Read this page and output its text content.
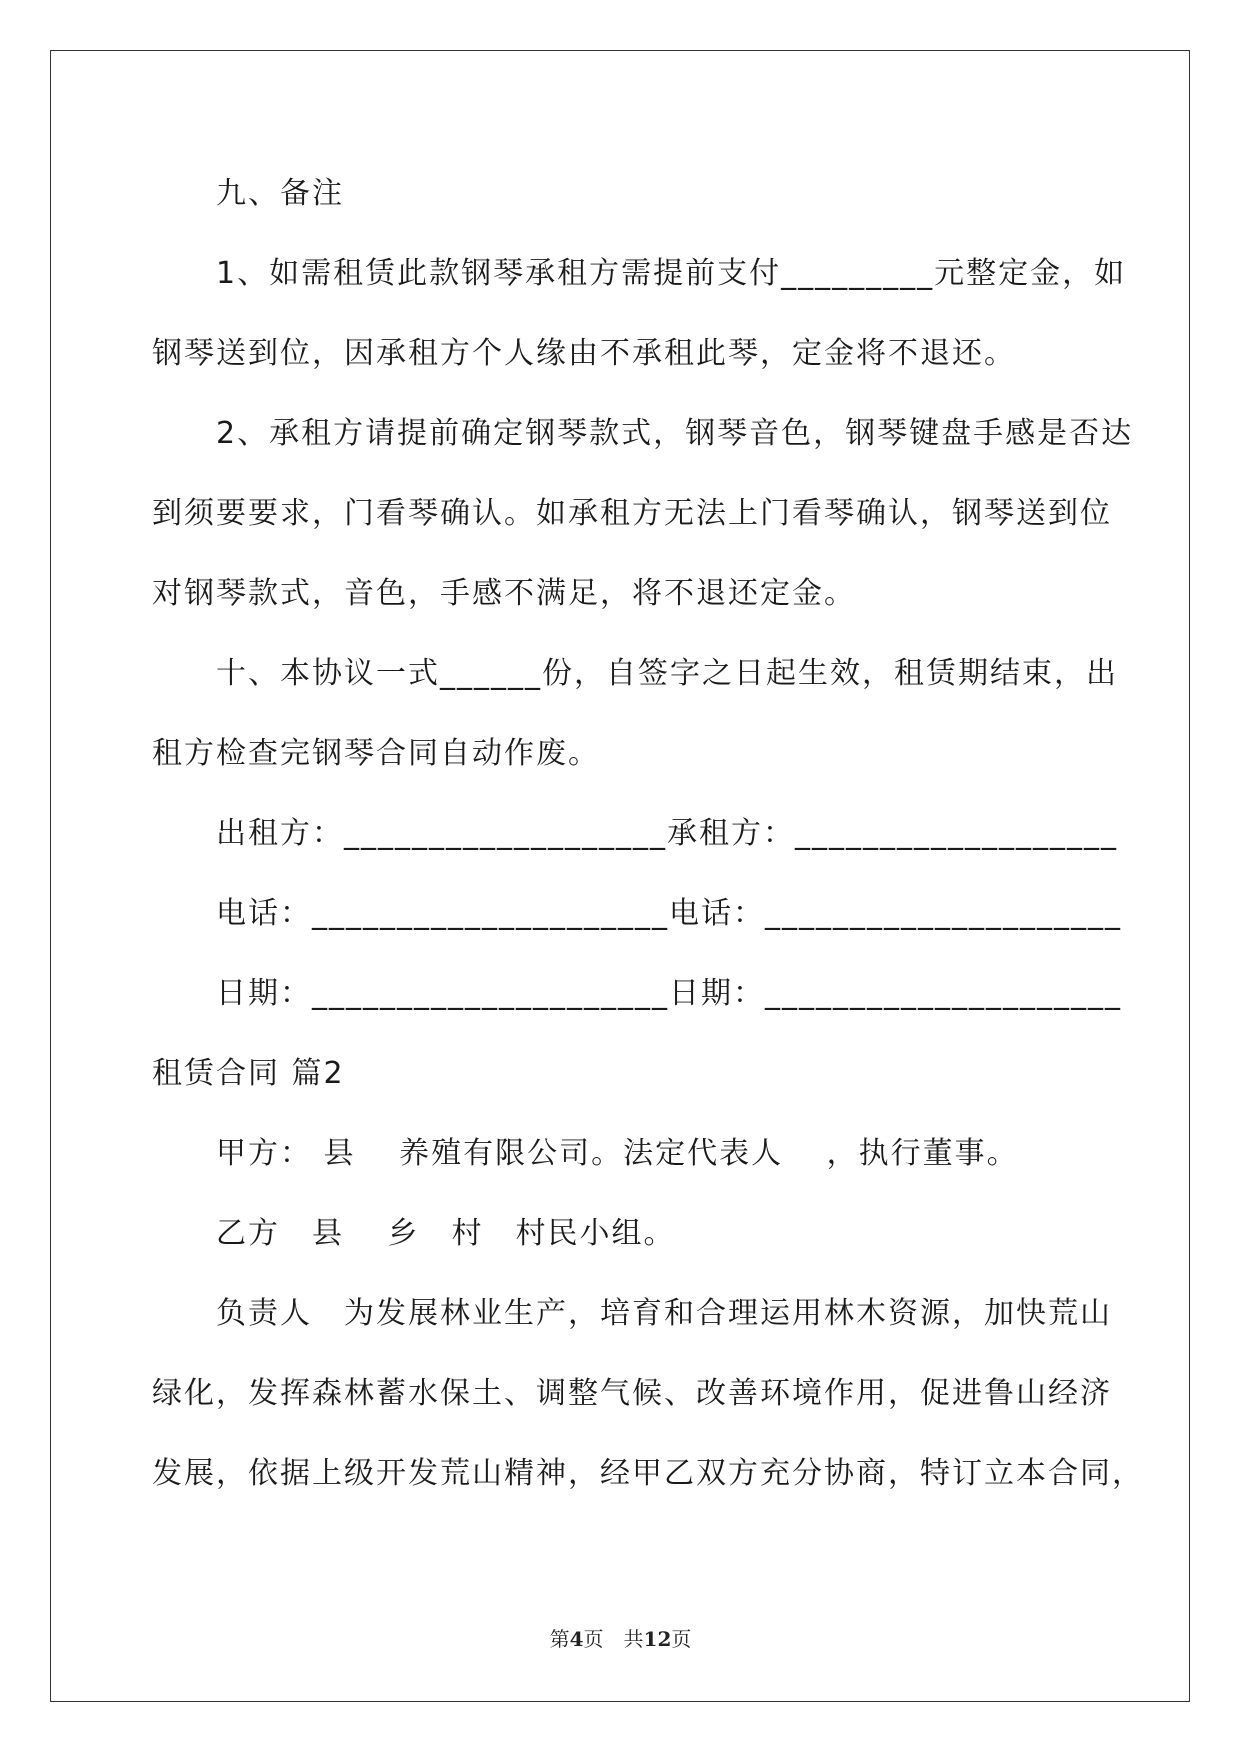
九、备注
1、如需租赁此款钢琴承租方需提前支付_________元整定金，如
钢琴送到位，因承租方个人缘由不承租此琴，定金将不退还。
2、承租方请提前确定钢琴款式，钢琴音色，钢琴键盘手感是否达
到须要要求，门看琴确认。如承租方无法上门看琴确认，钢琴送到位
对钢琴款式，音色，手感不满足，将不退还定金。
十、本协议一式______份，自签字之日起生效，租赁期结束，出
租方检查完钢琴合同自动作废。
出租方：___________________承租方：___________________
电话：_____________________电话：_____________________
日期：_____________________日期：_____________________
租赁合同 篇2
甲方： 县　 养殖有限公司。法定代表人　 ，执行董事。
乙方　县　 乡　村　村民小组。
负责人　为发展林业生产，培育和合理运用林木资源，加快荒山
绿化，发挥森林蓄水保土、调整气候、改善环境作用，促进鲁山经济
发展，依据上级开发荒山精神，经甲乙双方充分协商，特订立本合同，
第4页　共12页
